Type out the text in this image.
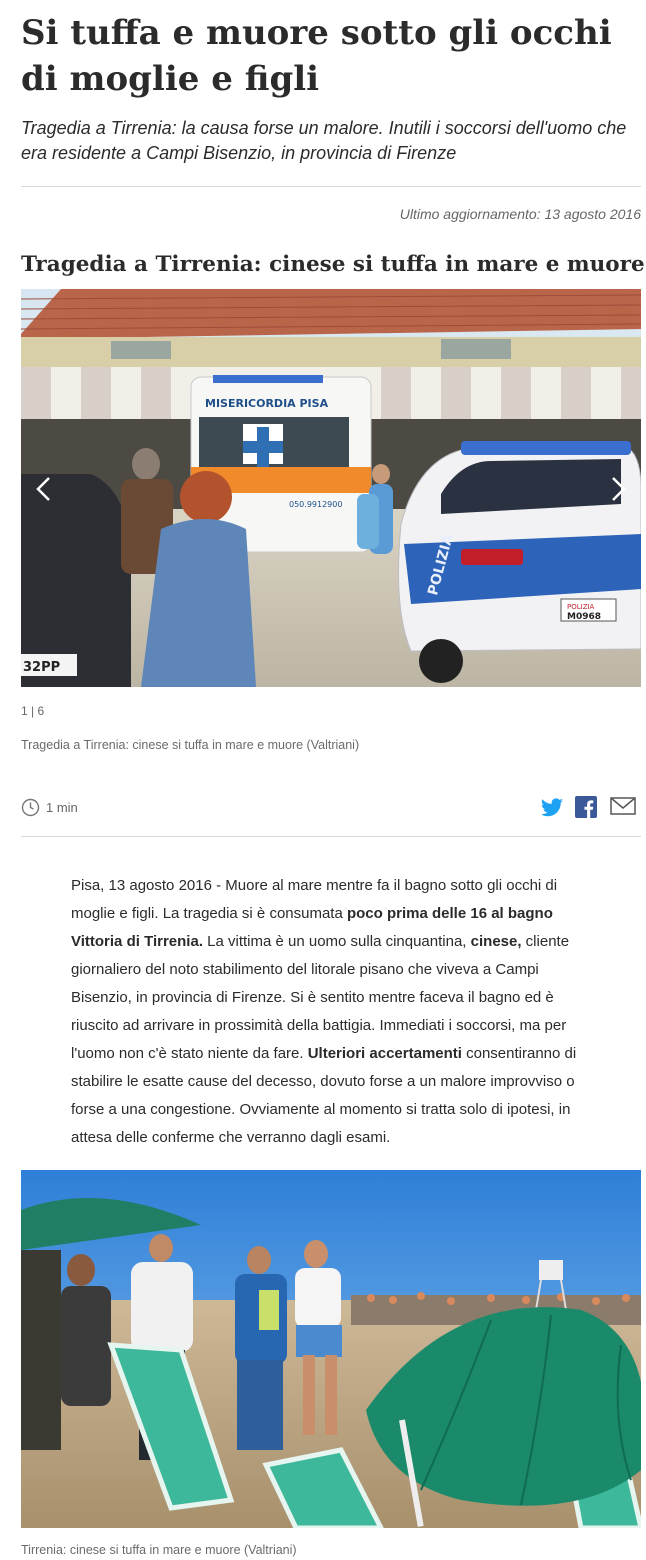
Si tuffa e muore sotto gli occhi di moglie e figli

Tragedia a Tirrenia: la causa forse un malore. Inutili i soccorsi dell'uomo che era residente a Campi Bisenzio, in provincia di Firenze

Ultimo aggiornamento: 13 agosto 2016
Tragedia a Tirrenia: cinese si tuffa in mare e muore
MISERICORDIA PISA
050.9912900
POLIZIA
POLIZIA
M0968
32PP
1 | 6
Tragedia a Tirrenia: cinese si tuffa in mare e muore (Valtriani)
1 min

Pisa, 13 agosto 2016 - Muore al mare mentre fa il bagno sotto gli occhi di moglie e figli. La tragedia si è consumata poco prima delle 16 al bagno Vittoria di Tirrenia. La vittima è un uomo sulla cinquantina, cinese, cliente giornaliero del noto stabilimento del litorale pisano che viveva a Campi Bisenzio, in provincia di Firenze. Si è sentito mentre faceva il bagno ed è riuscito ad arrivare in prossimità della battigia. Immediati i soccorsi, ma per l'uomo non c'è stato niente da fare. Ulteriori accertamenti consentiranno di stabilire le esatte cause del decesso, dovuto forse a un malore improvviso o forse a una congestione. Ovviamente al momento si tratta solo di ipotesi, in attesa delle conferme che verranno dagli esami.

Tirrenia: cinese si tuffa in mare e muore (Valtriani)
